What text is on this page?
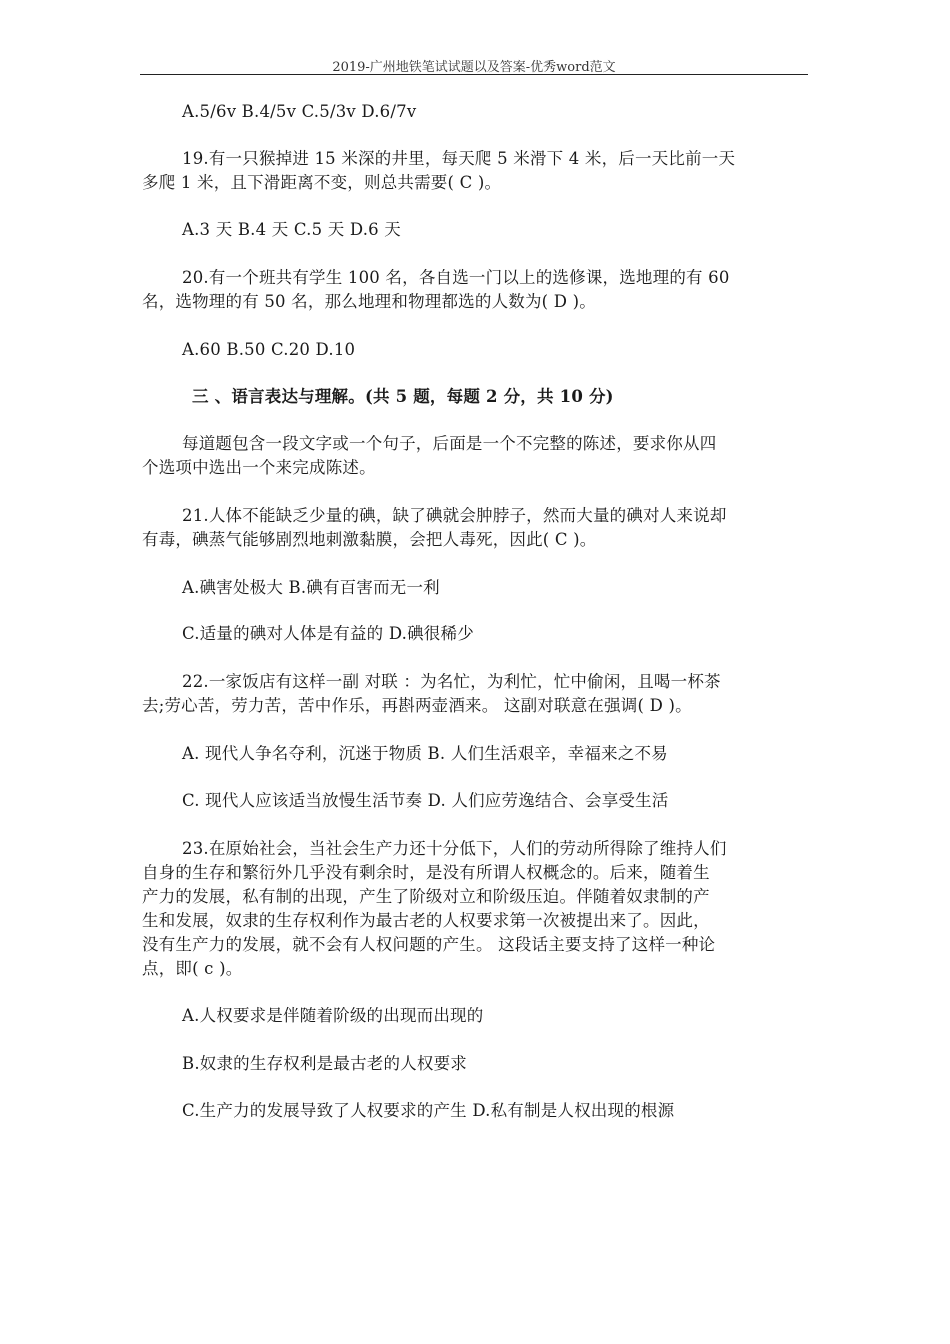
2019-广州地铁笔试试题以及答案-优秀word范文
A.5/6v B.4/5v C.5/3v D.6/7v
19.有一只猴掉进 15 米深的井里，每天爬 5 米滑下 4 米，后一天比前一天
多爬 1 米，且下滑距离不变，则总共需要( C )。
A.3 天 B.4 天 C.5 天 D.6 天
20.有一个班共有学生 100 名，各自选一门以上的选修课，选地理的有 60
名，选物理的有 50 名，那么地理和物理都选的人数为( D )。
A.60 B.50 C.20 D.10
三 、语言表达与理解。(共 5 题，每题 2 分，共 10 分)
每道题包含一段文字或一个句子，后面是一个不完整的陈述，要求你从四
个选项中选出一个来完成陈述。
21.人体不能缺乏少量的碘，缺了碘就会肿脖子，然而大量的碘对人来说却
有毒，碘蒸气能够剧烈地刺激黏膜，会把人毒死，因此( C )。
A.碘害处极大 B.碘有百害而无一利
C.适量的碘对人体是有益的 D.碘很稀少
22.一家饭店有这样一副 对联 ：为名忙，为利忙，忙中偷闲，且喝一杯茶
去;劳心苦，劳力苦，苦中作乐，再斟两壶酒来。 这副对联意在强调( D )。
A. 现代人争名夺利，沉迷于物质 B. 人们生活艰辛，幸福来之不易
C. 现代人应该适当放慢生活节奏 D. 人们应劳逸结合、会享受生活
23.在原始社会，当社会生产力还十分低下，人们的劳动所得除了维持人们
自身的生存和繁衍外几乎没有剩余时，是没有所谓人权概念的。后来，随着生
产力的发展，私有制的出现，产生了阶级对立和阶级压迫。伴随着奴隶制的产
生和发展，奴隶的生存权利作为最古老的人权要求第一次被提出来了。因此，
没有生产力的发展，就不会有人权问题的产生。 这段话主要支持了这样一种论
点，即( c )。
A.人权要求是伴随着阶级的出现而出现的
B.奴隶的生存权利是最古老的人权要求
C.生产力的发展导致了人权要求的产生 D.私有制是人权出现的根源
